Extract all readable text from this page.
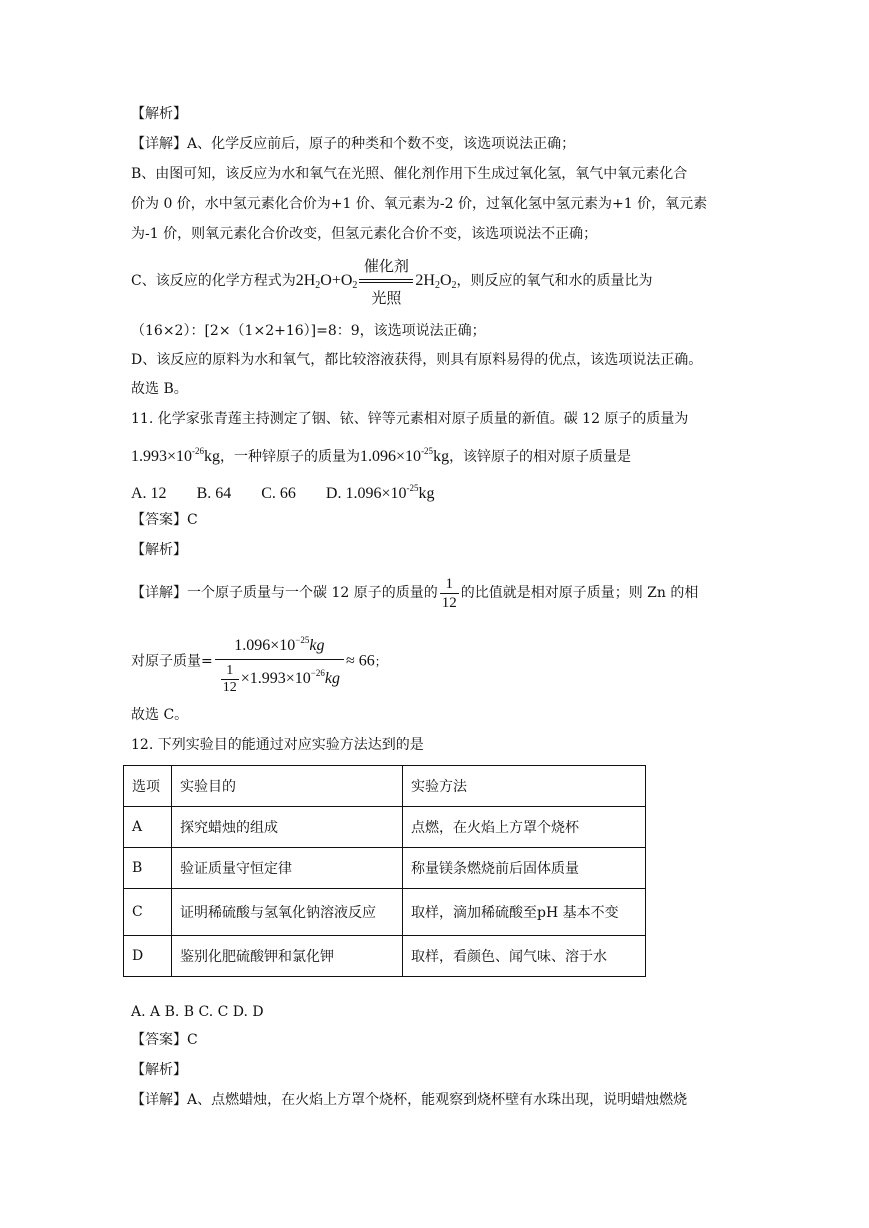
【解析】
【详解】A、化学反应前后，原子的种类和个数不变，该选项说法正确；
B、由图可知，该反应为水和氧气在光照、催化剂作用下生成过氧化氢，氧气中氧元素化合
价为 0 价，水中氢元素化合价为+1 价、氧元素为-2 价，过氧化氢中氢元素为+1 价，氧元素
为-1 价，则氧元素化合价改变，但氢元素化合价不变，该选项说法不正确；
C、该反应的化学方程式为$2H_2O+O_2$
催化剂
光照
$2H_2O_2$，则反应的氧气和水的质量比为
（16×2）：[2×（1×2+16）]=8：9，该选项说法正确；
D、该反应的原料为水和氧气，都比较溶液获得，则具有原料易得的优点，该选项说法正确。
故选 B。
11. 化学家张青莲主持测定了铟、铱、锌等元素相对原子质量的新值。碳 12 原子的质量为
$1.993\times 10^{-26}kg$，一种锌原子的质量为$1.096\times 10^{-25}kg$，该锌原子的相对原子质量是
A. 12 B. 64 C. 66 D. $1.096\times 10^{-25}kg$
【答案】C
【解析】
【详解】一个原子质量与一个碳 12 原子的质量的 $\frac{1}{12}$ 的比值就是相对原子质量；则 Zn 的相
对原子质量= $\frac{1.096\times 10^{-25}kg}{\frac{1}{12} \times 1.993\times 10^{-26}kg} \approx 66$；
故选 C。
12. 下列实验目的能通过对应实验方法达到的是
选项	实验目的	实验方法
A	探究蜡烛的组成	点燃，在火焰上方罩个烧杯
B	验证质量守恒定律	称量镁条燃烧前后固体质量
C	证明稀硫酸与氢氧化钠溶液反应	取样，滴加稀硫酸至pH 基本不变
D	鉴别化肥硫酸钾和氯化钾	取样，看颜色、闻气味、溶于水
A. A B. B C. C D. D
【答案】C
【解析】
【详解】A、点燃蜡烛，在火焰上方罩个烧杯，能观察到烧杯壁有水珠出现，说明蜡烛燃烧
